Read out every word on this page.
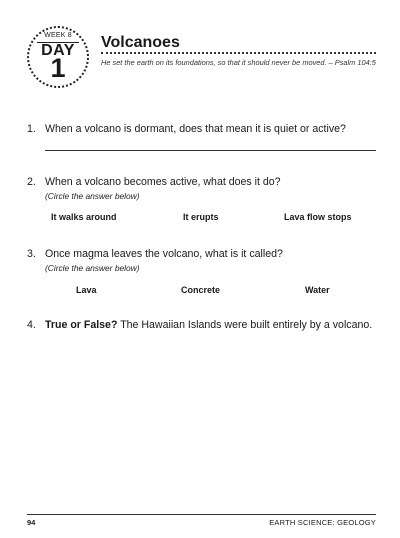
WEEK 8
DAY
1
Volcanoes
He set the earth on its foundations, so that it should never be moved. – Psalm 104:5
1. When a volcano is dormant, does that mean it is quiet or active?
2. When a volcano becomes active, what does it do?
(Circle the answer below)
It walks around	It erupts	Lava flow stops
3. Once magma leaves the volcano, what is it called?
(Circle the answer below)
Lava	Concrete	Water
4. True or False? The Hawaiian Islands were built entirely by a volcano.
94	EARTH SCIENCE: GEOLOGY
